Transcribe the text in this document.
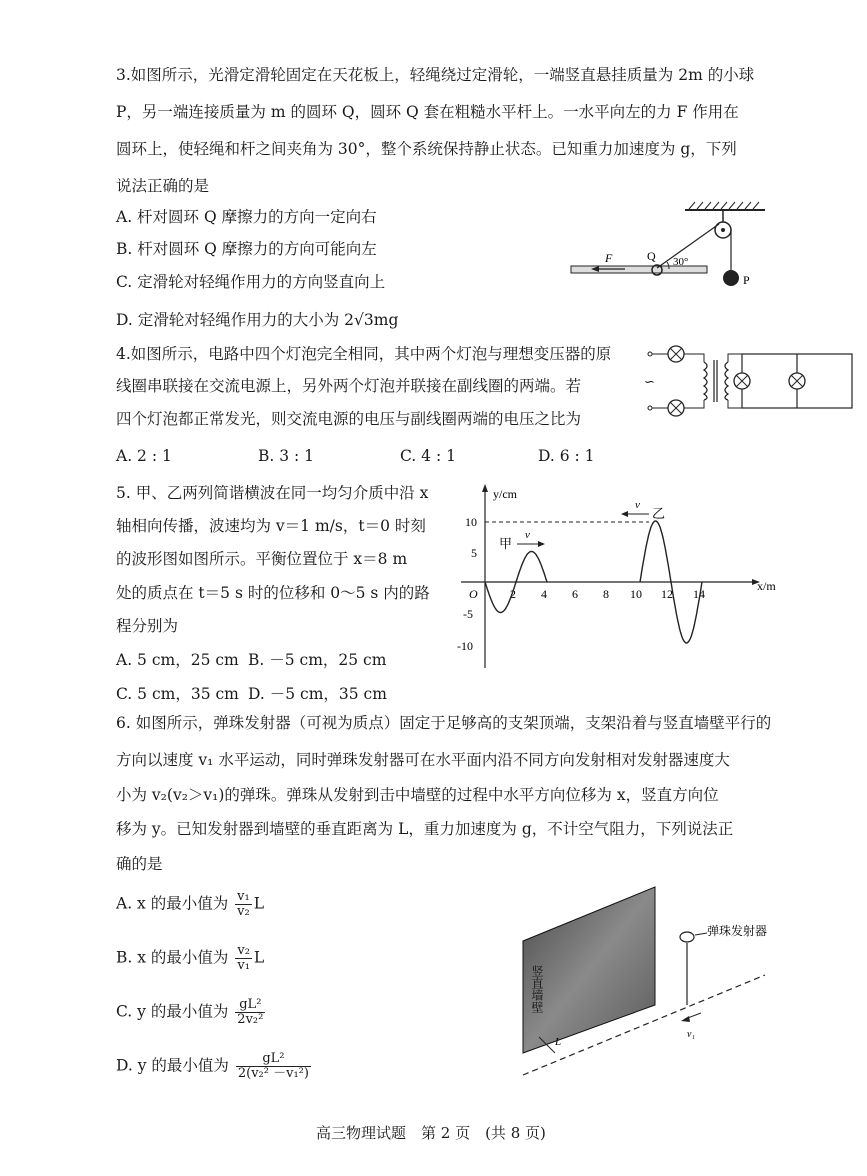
3.如图所示，光滑定滑轮固定在天花板上，轻绳绕过定滑轮，一端竖直悬挂质量为 2m 的小球
P，另一端连接质量为 m 的圆环 Q，圆环 Q 套在粗糙水平杆上。一水平向左的力 F 作用在
圆环上，使轻绳和杆之间夹角为 30°，整个系统保持静止状态。已知重力加速度为 g，下列
说法正确的是
A. 杆对圆环 Q 摩擦力的方向一定向右
B. 杆对圆环 Q 摩擦力的方向可能向左
C. 定滑轮对轻绳作用力的方向竖直向上
D. 定滑轮对轻绳作用力的大小为 2√3mg
P
Q 30°
F
4.如图所示，电路中四个灯泡完全相同，其中两个灯泡与理想变压器的原
线圈串联接在交流电源上，另外两个灯泡并联接在副线圈的两端。若
四个灯泡都正常发光，则交流电源的电压与副线圈两端的电压之比为
A. 2 : 1	B. 3 : 1	C. 4 : 1	D. 6 : 1
∽
5. 甲、乙两列简谐横波在同一均匀介质中沿 x
轴相向传播，波速均为 v＝1 m/s，t＝0 时刻
的波形图如图所示。平衡位置位于 x＝8 m
处的质点在 t＝5 s 时的位移和 0～5 s 内的路
程分别为
A. 5 cm，25 cm B. －5 cm，25 cm
C. 5 cm，35 cm D. －5 cm，35 cm
y/cm
x/m
O	2 4 6 8 10 12 14
10
5
-5
-10
甲
v
乙
v
6. 如图所示，弹珠发射器（可视为质点）固定于足够高的支架顶端，支架沿着与竖直墙壁平行的
方向以速度 v₁ 水平运动，同时弹珠发射器可在水平面内沿不同方向发射相对发射器速度大
小为 v₂(v₂＞v₁)的弹珠。弹珠从发射到击中墙壁的过程中水平方向位移为 x，竖直方向位
移为 y。已知发射器到墙壁的垂直距离为 L，重力加速度为 g，不计空气阻力，下列说法正
确的是
A. x 的最小值为 $\frac{\text{v₁}}{\text{v₂}}$ L
B. x 的最小值为 $\frac{\text{v₂}}{\text{v₁}}$ L
C. y 的最小值为 $\frac{\text{gL²}}{\text{2v₂²}}$
D. y 的最小值为 $\frac{\text{gL²}}{\text{2(v₂² －v₁²)}}$
竖直墙壁
L
弹珠发射器
v₁
高三物理试题　第 2 页　(共 8 页)
